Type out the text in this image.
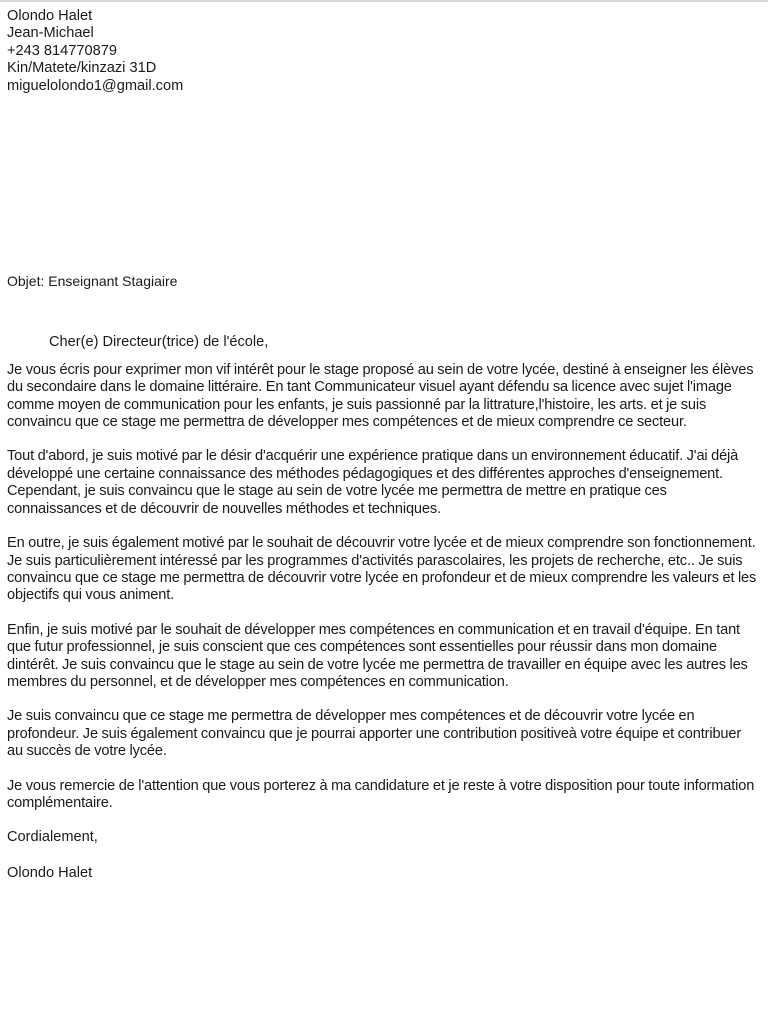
Olondo Halet
Jean-Michael
+243 814770879
Kin/Matete/kinzazi 31D
miguelolondo1@gmail.com
Objet: Enseignant Stagiaire
Cher(e) Directeur(trice) de l'école,

Je vous écris pour exprimer mon vif intérêt pour le stage proposé au sein de votre lycée, destiné à enseigner les élèves du secondaire dans le domaine littéraire. En tant Communicateur visuel ayant défendu sa licence avec sujet l'image comme moyen de communication pour les enfants, je suis passionné par la littrature,l'histoire, les arts. et je suis convaincu que ce stage me permettra de développer mes compétences et de mieux comprendre ce secteur.

Tout d'abord, je suis motivé par le désir d'acquérir une expérience pratique dans un environnement éducatif. J'ai déjà développé une certaine connaissance des méthodes pédagogiques et des différentes approches d'enseignement. Cependant, je suis convaincu que le stage au sein de votre lycée me permettra de mettre en pratique ces connaissances et de découvrir de nouvelles méthodes et techniques.

En outre, je suis également motivé par le souhait de découvrir votre lycée et de mieux comprendre son fonctionnement. Je suis particulièrement intéressé par les programmes d'activités parascolaires, les projets de recherche, etc.. Je suis convaincu que ce stage me permettra de découvrir votre lycée en profondeur et de mieux comprendre les valeurs et les objectifs qui vous animent.

Enfin, je suis motivé par le souhait de développer mes compétences en communication et en travail d'équipe. En tant que futur professionnel, je suis conscient que ces compétences sont essentielles pour réussir dans mon domaine dintérêt. Je suis convaincu que le stage au sein de votre lycée me permettra de travailler en équipe avec les autres les membres du personnel, et de développer mes compétences en communication.

Je suis convaincu que ce stage me permettra de développer mes compétences et de découvrir votre lycée en profondeur. Je suis également convaincu que je pourrai apporter une contribution positiveà votre équipe et contribuer au succès de votre lycée.

Je vous remercie de l'attention que vous porterez à ma candidature et je reste à votre disposition pour toute information complémentaire.

Cordialement,

Olondo Halet
